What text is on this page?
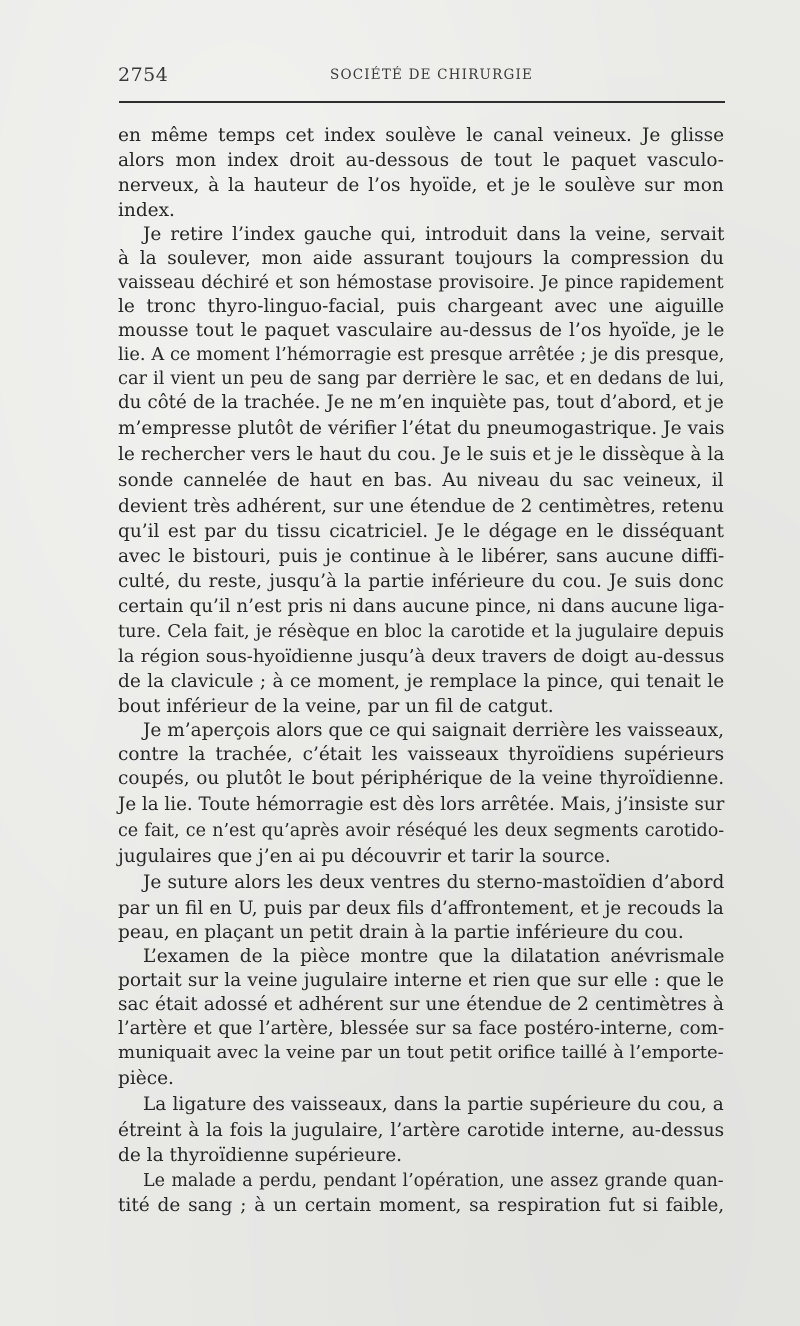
2754	SOCIÉTÉ DE CHIRURGIE
en même temps cet index soulève le canal veineux. Je glisse
alors mon index droit au-dessous de tout le paquet vasculo-
nerveux, à la hauteur de l’os hyoïde, et je le soulève sur mon
index.
Je retire l’index gauche qui, introduit dans la veine, servait
à la soulever, mon aide assurant toujours la compression du
vaisseau déchiré et son hémostase provisoire. Je pince rapidement
le tronc thyro-linguo-facial, puis chargeant avec une aiguille
mousse tout le paquet vasculaire au-dessus de l’os hyoïde, je le
lie. A ce moment l’hémorragie est presque arrêtée ; je dis presque,
car il vient un peu de sang par derrière le sac, et en dedans de lui,
du côté de la trachée. Je ne m’en inquiète pas, tout d’abord, et je
m’empresse plutôt de vérifier l’état du pneumogastrique. Je vais
le rechercher vers le haut du cou. Je le suis et je le dissèque à la
sonde cannelée de haut en bas. Au niveau du sac veineux, il
devient très adhérent, sur une étendue de 2 centimètres, retenu
qu’il est par du tissu cicatriciel. Je le dégage en le disséquant
avec le bistouri, puis je continue à le libérer, sans aucune diffi-
culté, du reste, jusqu’à la partie inférieure du cou. Je suis donc
certain qu’il n’est pris ni dans aucune pince, ni dans aucune liga-
ture. Cela fait, je résèque en bloc la carotide et la jugulaire depuis
la région sous-hyoïdienne jusqu’à deux travers de doigt au-dessus
de la clavicule ; à ce moment, je remplace la pince, qui tenait le
bout inférieur de la veine, par un fil de catgut.
Je m’aperçois alors que ce qui saignait derrière les vaisseaux,
contre la trachée, c’était les vaisseaux thyroïdiens supérieurs
coupés, ou plutôt le bout périphérique de la veine thyroïdienne.
Je la lie. Toute hémorragie est dès lors arrêtée. Mais, j’insiste sur
ce fait, ce n’est qu’après avoir réséqué les deux segments carotido-
jugulaires que j’en ai pu découvrir et tarir la source.
Je suture alors les deux ventres du sterno-mastoïdien d’abord
par un fil en U, puis par deux fils d’affrontement, et je recouds la
peau, en plaçant un petit drain à la partie inférieure du cou.
L’examen de la pièce montre que la dilatation anévrismale
portait sur la veine jugulaire interne et rien que sur elle : que le
sac était adossé et adhérent sur une étendue de 2 centimètres à
l’artère et que l’artère, blessée sur sa face postéro-interne, com-
muniquait avec la veine par un tout petit orifice taillé à l’emporte-
pièce.
La ligature des vaisseaux, dans la partie supérieure du cou, a
étreint à la fois la jugulaire, l’artère carotide interne, au-dessus
de la thyroïdienne supérieure.
Le malade a perdu, pendant l’opération, une assez grande quan-
tité de sang ; à un certain moment, sa respiration fut si faible,
